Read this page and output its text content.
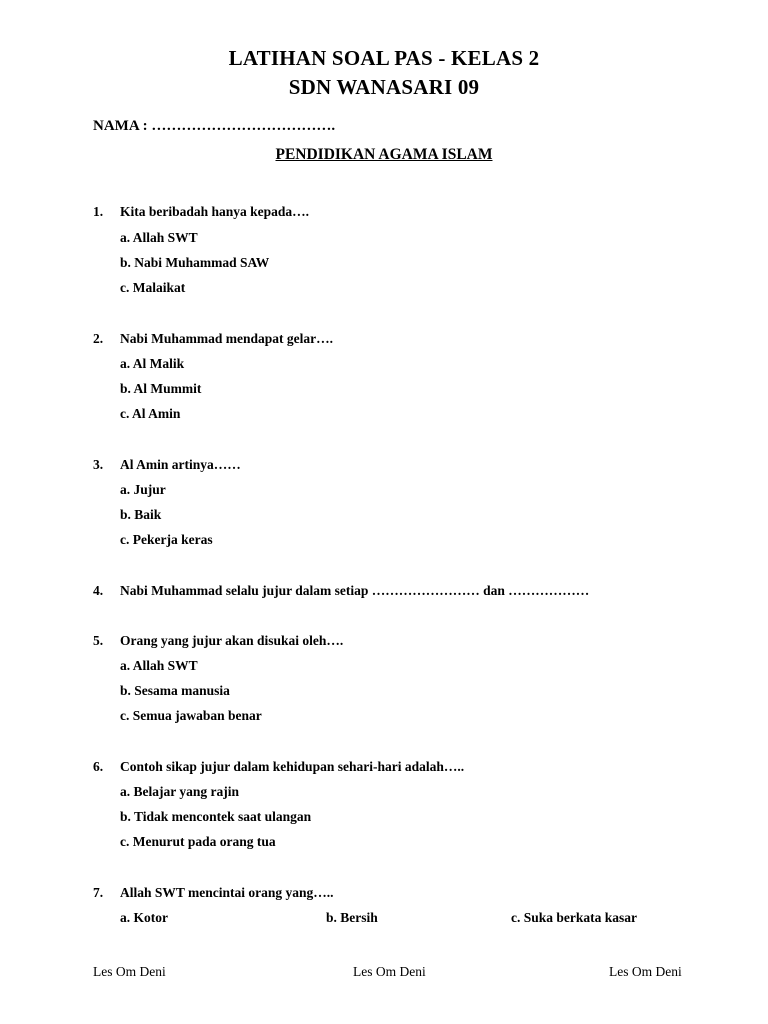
LATIHAN SOAL PAS - KELAS 2
SDN WANASARI 09
NAMA : ……………………………….
PENDIDIKAN AGAMA ISLAM
1. Kita beribadah hanya kepada….
a. Allah SWT
b. Nabi Muhammad SAW
c. Malaikat
2. Nabi Muhammad mendapat gelar….
a. Al Malik
b. Al Mummit
c. Al Amin
3. Al Amin artinya……
a. Jujur
b. Baik
c. Pekerja keras
4. Nabi Muhammad selalu jujur dalam setiap …………………… dan ………………
5. Orang yang jujur akan disukai oleh….
a. Allah SWT
b. Sesama manusia
c. Semua jawaban benar
6. Contoh sikap jujur dalam kehidupan sehari-hari adalah…..
a. Belajar yang rajin
b. Tidak mencontek saat ulangan
c. Menurut pada orang tua
7. Allah SWT mencintai orang yang…..
a. Kotor	b. Bersih	c. Suka berkata kasar
Les Om Deni	Les Om Deni	Les Om Deni
